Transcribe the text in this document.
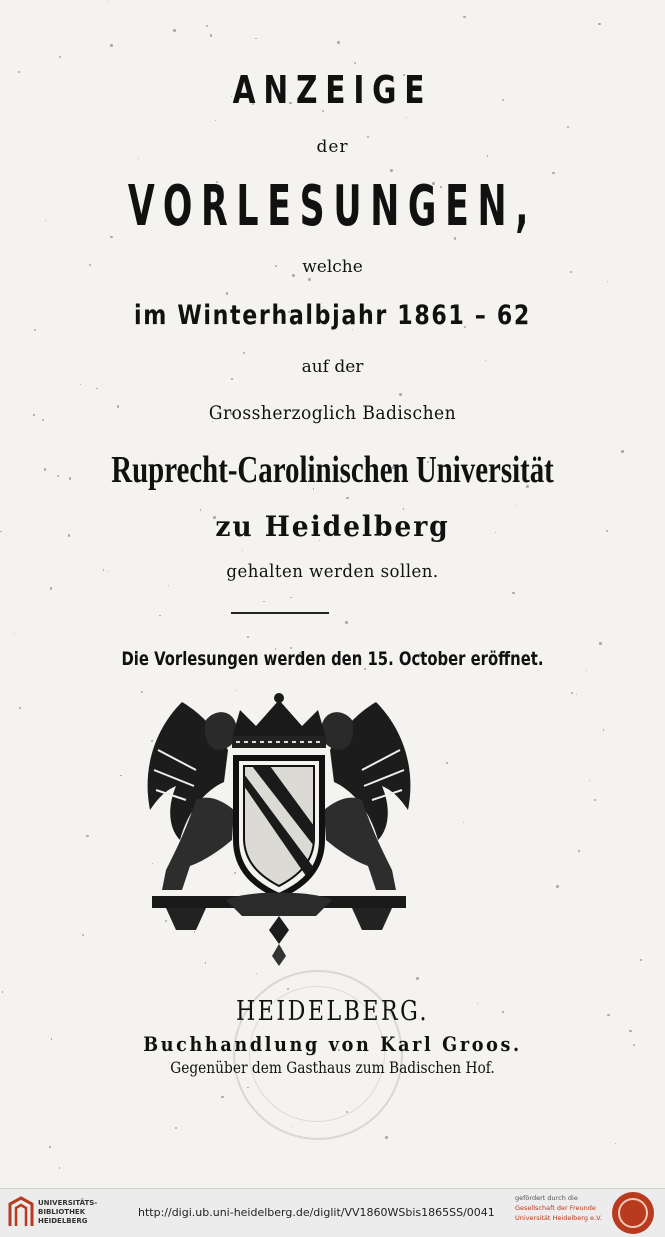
ANZEIGE
der
VORLESUNGEN,
welche
im Winterhalbjahr 1861 – 62
auf der
Grossherzoglich Badischen
Ruprecht-Carolinischen Universität
zu Heidelberg
gehalten werden sollen.
Die Vorlesungen werden den 15. October eröffnet.
HEIDELBERG.
Buchhandlung von Karl Groos.
Gegenüber dem Gasthaus zum Badischen Hof.
UNIVERSITÄTS-
BIBLIOTHEK
HEIDELBERG
http://digi.ub.uni-heidelberg.de/diglit/VV1860WSbis1865SS/0041
gefördert durch die
Gesellschaft der Freunde
Universität Heidelberg e.V.
